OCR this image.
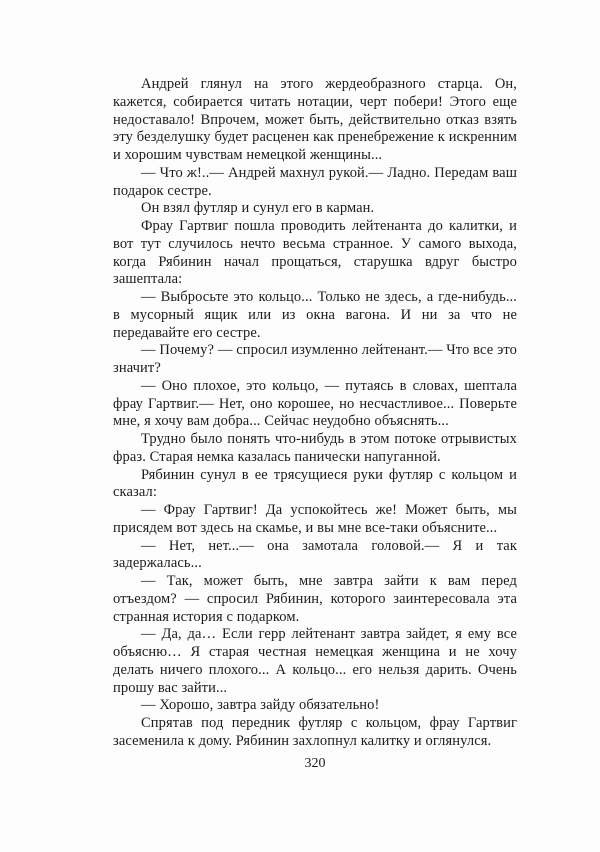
Андрей глянул на этого жердеобразного старца. Он, кажется, собирается читать нотации, черт побери! Этого еще недоставало! Впрочем, может быть, действительно отказ взять эту безделушку будет расценен как пренебрежение к искренним и хорошим чувствам немецкой женщины...

— Что ж!..— Андрей махнул рукой.— Ладно. Передам ваш подарок сестре.

Он взял футляр и сунул его в карман.

Фрау Гартвиг пошла проводить лейтенанта до калитки, и вот тут случилось нечто весьма странное. У самого выхода, когда Рябинин начал прощаться, старушка вдруг быстро зашептала:

— Выбросьте это кольцо... Только не здесь, а где-нибудь... в мусорный ящик или из окна вагона. И ни за что не передавайте его сестре.

— Почему? — спросил изумленно лейтенант.— Что все это значит?

— Оно плохое, это кольцо, — путаясь в словах, шептала фрау Гартвиг.— Нет, оно корошее, но несчастливое... Поверьте мне, я хочу вам добра... Сейчас неудобно объяснять...

Трудно было понять что-нибудь в этом потоке отрывистых фраз. Старая немка казалась панически напуганной.

Рябинин сунул в ее трясущиеся руки футляр с кольцом и сказал:

— Фрау Гартвиг! Да успокойтесь же! Может быть, мы присядем вот здесь на скамье, и вы мне все-таки объясните...

— Нет, нет...— она замотала головой.— Я и так задержалась...

— Так, может быть, мне завтра зайти к вам перед отъездом? — спросил Рябинин, которого заинтересовала эта странная история с подарком.

— Да, да… Если герр лейтенант завтра зайдет, я ему все объясню… Я старая честная немецкая женщина и не хочу делать ничего плохого... А кольцо... его нельзя дарить. Очень прошу вас зайти...

— Хорошо, завтра зайду обязательно!

Спрятав под передник футляр с кольцом, фрау Гартвиг засеменила к дому. Рябинин захлопнул калитку и оглянулся.

320
